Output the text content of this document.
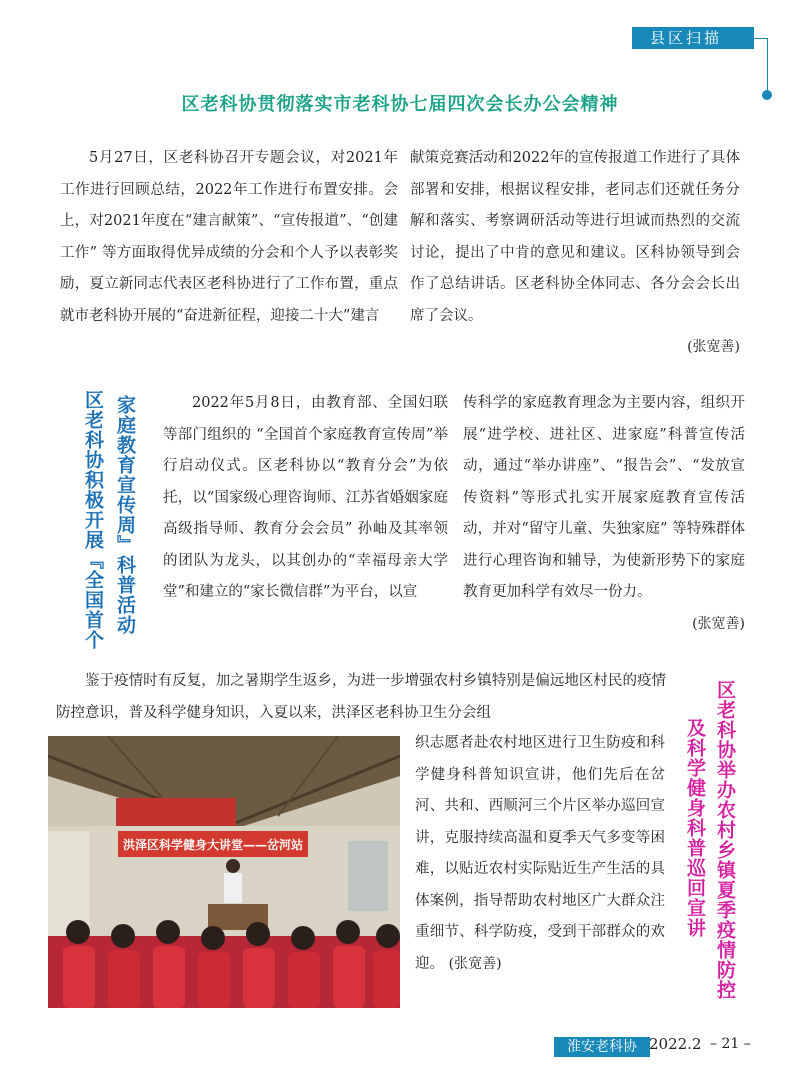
县区扫描
区老科协贯彻落实市老科协七届四次会长办公会精神
5月27日，区老科协召开专题会议，对2021年工作进行回顾总结，2022年工作进行布置安排。会上，对2021年度在“建言献策”、“宣传报道”、“创建工作” 等方面取得优异成绩的分会和个人予以表彰奖励，夏立新同志代表区老科协进行了工作布置，重点就市老科协开展的“奋进新征程，迎接二十大”建言
献策竞赛活动和2022年的宣传报道工作进行了具体部署和安排，根据议程安排，老同志们还就任务分解和落实、考察调研活动等进行坦诚而热烈的交流讨论，提出了中肯的意见和建议。区科协领导到会作了总结讲话。区老科协全体同志、各分会会长出席了会议。
(张宽善)
家庭教育宣传周』科普活动
区老科协积极开展『全国首个	2022年5月8日，由教育部、全国妇联等部门组织的 “全国首个家庭教育宣传周”举行启动仪式。区老科协以“教育分会”为依托，以“国家级心理咨询师、江苏省婚姻家庭高级指导师、教育分会会员” 孙岫及其率领的团队为龙头，以其创办的“幸福母亲大学堂”和建立的“家长微信群”为平台，以宣
传科学的家庭教育理念为主要内容，组织开展“进学校、进社区、进家庭”科普宣传活动，通过“举办讲座”、“报告会”、“发放宣传资料”等形式扎实开展家庭教育宣传活动，并对“留守儿童、失独家庭” 等特殊群体进行心理咨询和辅导，为使新形势下的家庭教育更加科学有效尽一份力。
(张宽善)
区老科协举办农村乡镇夏季疫情防控
及科学健身科普巡回宣讲
鉴于疫情时有反复，加之暑期学生返乡，为进一步增强农村乡镇特别是偏远地区村民的疫情防控意识，普及科学健身知识，入夏以来，洪泽区老科协卫生分会组
洪泽区科学健身大讲堂——岔河站
织志愿者赴农村地区进行卫生防疫和科学健身科普知识宣讲，他们先后在岔河、共和、西顺河三个片区举办巡回宣讲，克服持续高温和夏季天气多变等困难，以贴近农村实际贴近生产生活的具体案例，指导帮助农村地区广大群众注重细节、科学防疫，受到干部群众的欢迎。 (张宽善)
淮安老科协 2022.2 – 21 –
